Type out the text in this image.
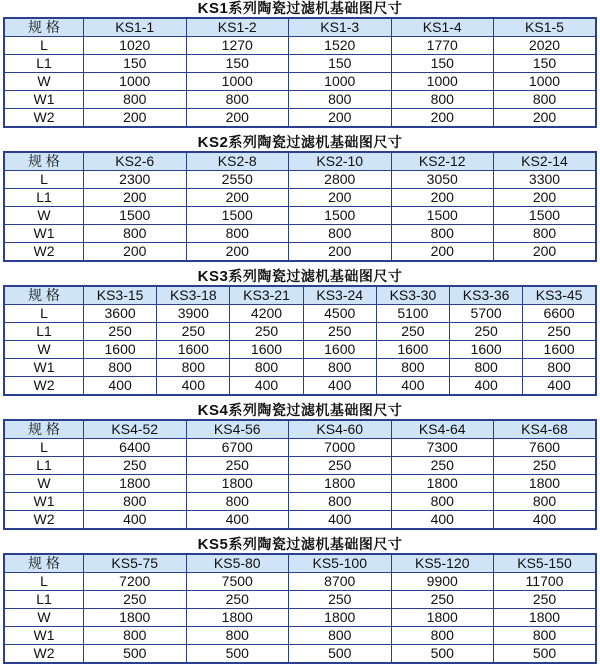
KS1系列陶瓷过滤机基础图尺寸
规 格	KS1-1	KS1-2	KS1-3	KS1-4	KS1-5
L	1020	1270	1520	1770	2020
L1	150	150	150	150	150
W	1000	1000	1000	1000	1000
W1	800	800	800	800	800
W2	200	200	200	200	200
KS2系列陶瓷过滤机基础图尺寸
规 格	KS2-6	KS2-8	KS2-10	KS2-12	KS2-14
L	2300	2550	2800	3050	3300
L1	200	200	200	200	200
W	1500	1500	1500	1500	1500
W1	800	800	800	800	800
W2	200	200	200	200	200
KS3系列陶瓷过滤机基础图尺寸
规 格	KS3-15	KS3-18	KS3-21	KS3-24	KS3-30	KS3-36	KS3-45
L	3600	3900	4200	4500	5100	5700	6600
L1	250	250	250	250	250	250	250
W	1600	1600	1600	1600	1600	1600	1600
W1	800	800	800	800	800	800	800
W2	400	400	400	400	400	400	400
KS4系列陶瓷过滤机基础图尺寸
规 格	KS4-52	KS4-56	KS4-60	KS4-64	KS4-68
L	6400	6700	7000	7300	7600
L1	250	250	250	250	250
W	1800	1800	1800	1800	1800
W1	800	800	800	800	800
W2	400	400	400	400	400
KS5系列陶瓷过滤机基础图尺寸
规 格	KS5-75	KS5-80	KS5-100	KS5-120	KS5-150
L	7200	7500	8700	9900	11700
L1	250	250	250	250	250
W	1800	1800	1800	1800	1800
W1	800	800	800	800	800
W2	500	500	500	500	500
